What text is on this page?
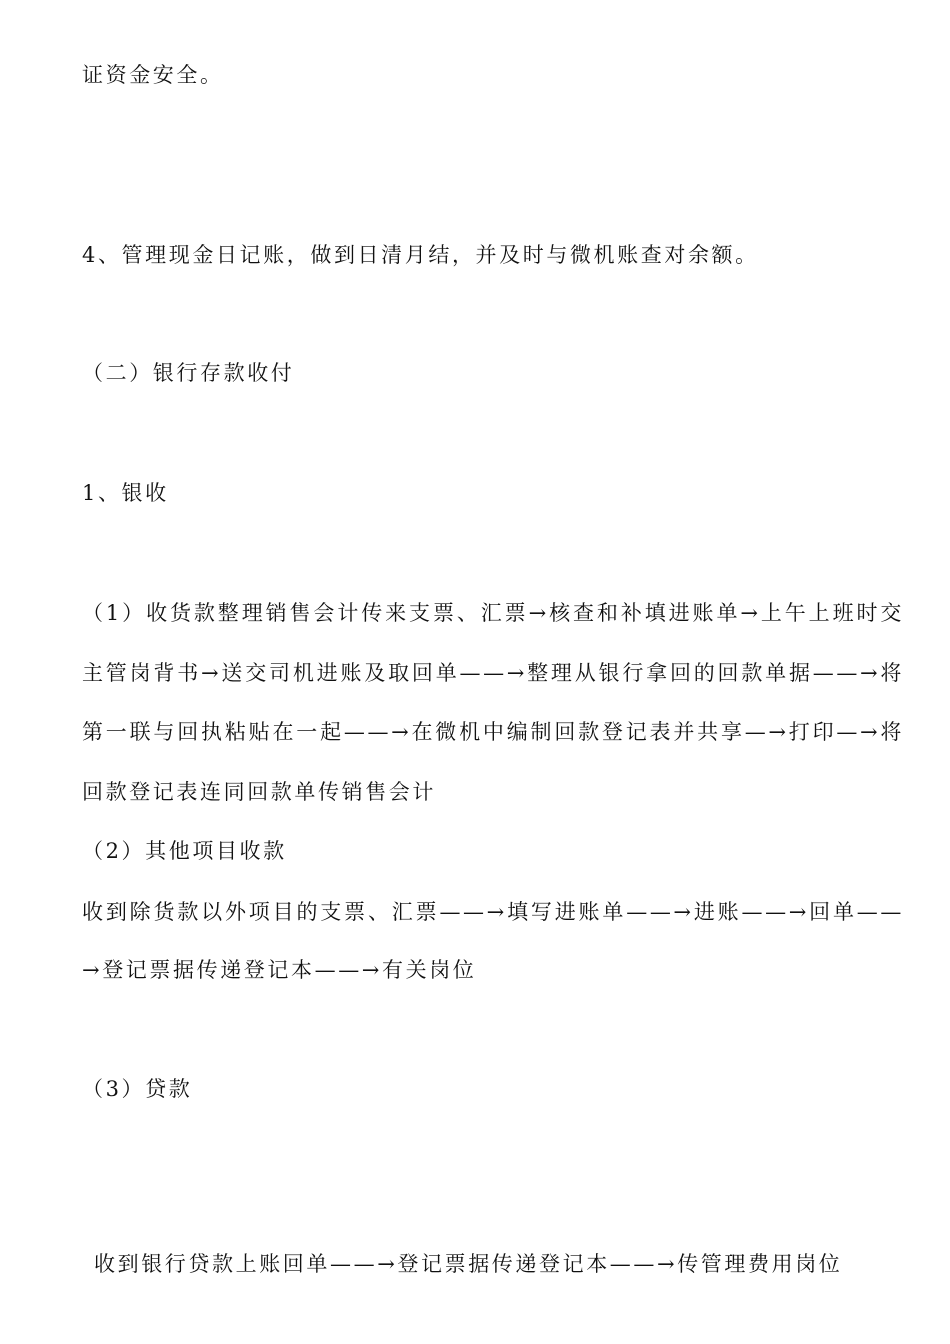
证资金安全。

4、管理现金日记账，做到日清月结，并及时与微机账查对余额。

（二）银行存款收付

1、银收

（1）收货款整理销售会计传来支票、汇票→核查和补填进账单→上午上班时交主管岗背书→送交司机进账及取回单——→整理从银行拿回的回款单据——→将第一联与回执粘贴在一起——→在微机中编制回款登记表并共享—→打印—→将回款登记表连同回款单传销售会计

（2）其他项目收款

收到除货款以外项目的支票、汇票——→填写进账单——→进账——→回单——→登记票据传递登记本——→有关岗位

（3）贷款

收到银行贷款上账回单——→登记票据传递登记本——→传管理费用岗位
